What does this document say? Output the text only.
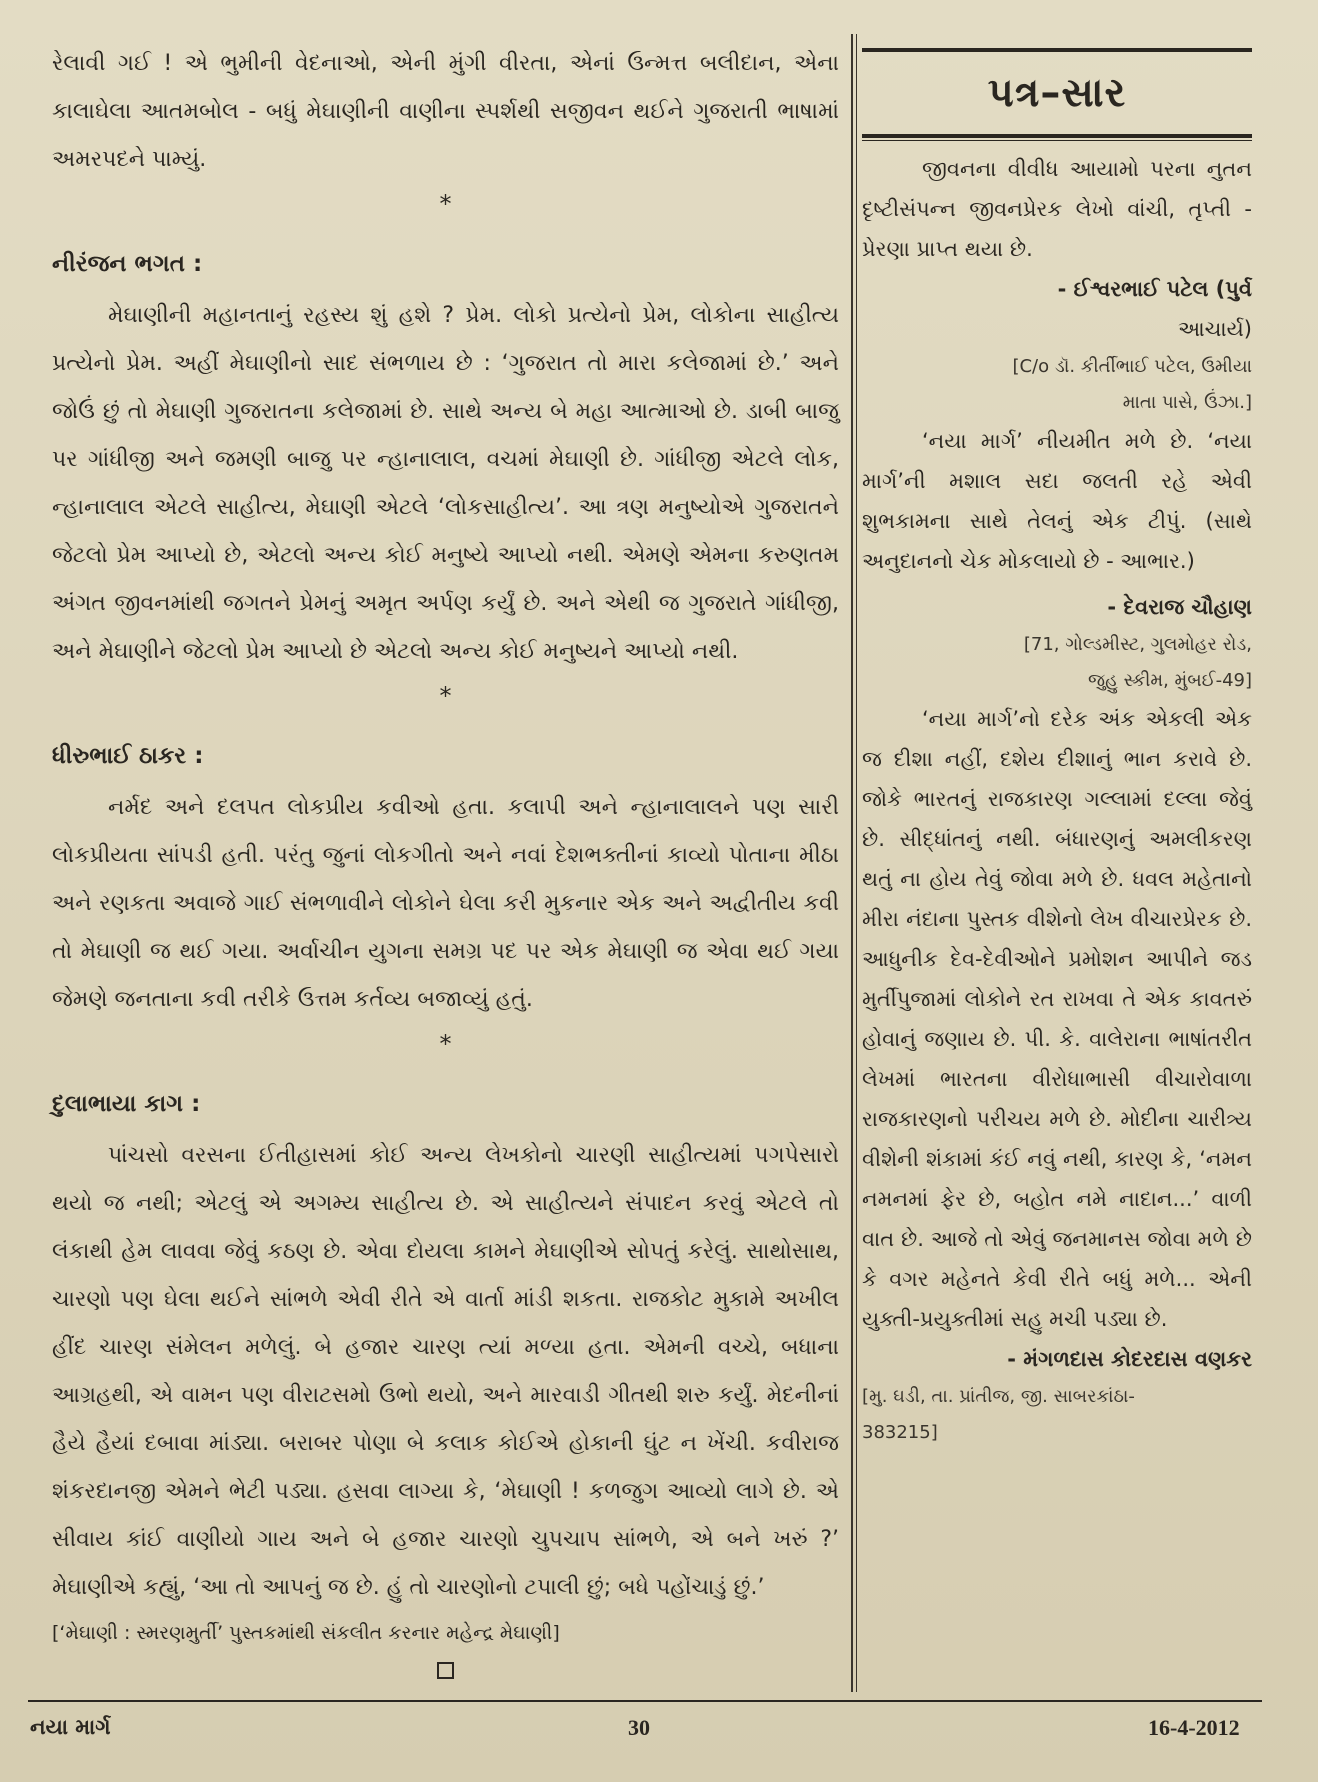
રેલાવી ગઈ ! એ ભુમીની વેદનાઓ, એની મુંગી વીરતા, એનાં ઉન્મત્ત બલીદાન, એના કાલાઘેલા આતમબોલ - બધું મેઘાણીની વાણીના સ્પર્શથી સજીવન થઈને ગુજરાતી ભાષામાં અમરપદને પામ્યું.

*

નીરંજન ભગત :

મેઘાણીની મહાનતાનું રહસ્ય શું હશે ? પ્રેમ. લોકો પ્રત્યેનો પ્રેમ, લોકોના સાહીત્ય પ્રત્યેનો પ્રેમ. અહીં મેઘાણીનો સાદ સંભળાય છે : ‘ગુજરાત તો મારા કલેજામાં છે.’ અને જોઉં છું તો મેઘાણી ગુજરાતના કલેજામાં છે. સાથે અન્ય બે મહા આત્માઓ છે. ડાબી બાજુ પર ગાંધીજી અને જમણી બાજુ પર ન્હાનાલાલ, વચમાં મેઘાણી છે. ગાંધીજી એટલે લોક, ન્હાનાલાલ એટલે સાહીત્ય, મેઘાણી એટલે ‘લોકસાહીત્ય’. આ ત્રણ મનુષ્યોએ ગુજરાતને જેટલો પ્રેમ આપ્યો છે, એટલો અન્ય કોઈ મનુષ્યે આપ્યો નથી. એમણે એમના કરુણતમ અંગત જીવનમાંથી જગતને પ્રેમનું અમૃત અર્પણ કર્યું છે. અને એથી જ ગુજરાતે ગાંધીજી, અને મેઘાણીને જેટલો પ્રેમ આપ્યો છે એટલો અન્ય કોઈ મનુષ્યને આપ્યો નથી.

*

ધીરુભાઈ ઠાકર :

નર્મદ અને દલપત લોકપ્રીય કવીઓ હતા. કલાપી અને ન્હાનાલાલને પણ સારી લોકપ્રીયતા સાંપડી હતી. પરંતુ જુનાં લોકગીતો અને નવાં દેશભક્તીનાં કાવ્યો પોતાના મીઠા અને રણકતા અવાજે ગાઈ સંભળાવીને લોકોને ઘેલા કરી મુકનાર એક અને અદ્વીતીય કવી તો મેઘાણી જ થઈ ગયા. અર્વાચીન યુગના સમગ્ર પદ પર એક મેઘાણી જ એવા થઈ ગયા જેમણે જનતાના કવી તરીકે ઉત્તમ કર્તવ્ય બજાવ્યું હતું.

*

દુલાભાયા કાગ :

પાંચસો વરસના ઈતીહાસમાં કોઈ અન્ય લેખકોનો ચારણી સાહીત્યમાં પગપેસારો થયો જ નથી; એટલું એ અગમ્ય સાહીત્ય છે. એ સાહીત્યને સંપાદન કરવું એટલે તો લંકાથી હેમ લાવવા જેવું કઠણ છે. એવા દોયલા કામને મેઘાણીએ સોપતું કરેલું. સાથોસાથ, ચારણો પણ ઘેલા થઈને સાંભળે એવી રીતે એ વાર્તા માંડી શકતા. રાજકોટ મુકામે અખીલ હીંદ ચારણ સંમેલન મળેલું. બે હજાર ચારણ ત્યાં મળ્યા હતા. એમની વચ્ચે, બધાના આગ્રહથી, એ વામન પણ વીરાટસમો ઉભો થયો, અને મારવાડી ગીતથી શરુ કર્યું. મેદનીનાં હૈયે હૈયાં દબાવા માંડ્યા. બરાબર પોણા બે કલાક કોઈએ હોકાની ઘુંટ ન ખેંચી. કવીરાજ શંકરદાનજી એમને ભેટી પડ્યા. હસવા લાગ્યા કે, ‘મેઘાણી ! કળજુગ આવ્યો લાગે છે. એ સીવાય કાંઈ વાણીયો ગાય અને બે હજાર ચારણો ચુપચાપ સાંભળે, એ બને ખરું ?’ મેઘાણીએ કહ્યું, ‘આ તો આપનું જ છે. હું તો ચારણોનો ટપાલી છું; બધે પહોંચાડું છું.’

[‘મેઘાણી : સ્મરણમુર્તી’ પુસ્તકમાંથી સંકલીત કરનાર મહેન્દ્ર મેઘાણી]

પત્ર–સાર

જીવનના વીવીધ આયામો પરના નુતન દૃષ્ટીસંપન્ન જીવનપ્રેરક લેખો વાંચી, તૃપ્તી - પ્રેરણા પ્રાપ્ત થયા છે.

- ઈશ્વરભાઈ પટેલ (પુર્વ

આચાર્ય)

[C/o ડૉ. કીર્તીભાઈ પટેલ, ઉમીયા

માતા પાસે, ઉંઝા.]

‘નયા માર્ગ’ નીયમીત મળે છે. ‘નયા માર્ગ’ની મશાલ સદા જલતી રહે એવી શુભકામના સાથે તેલનું એક ટીપું. (સાથે અનુદાનનો ચેક મોકલાયો છે - આભાર.)

- દેવરાજ ચૌહાણ

[71, ગોલ્ડમીસ્ટ, ગુલમોહર રોડ,

જુહુ સ્કીમ, મુંબઈ-49]

‘નયા માર્ગ’નો દરેક અંક એકલી એક જ દીશા નહીં, દશેય દીશાનું ભાન કરાવે છે. જોકે ભારતનું રાજકારણ ગલ્લામાં દલ્લા જેવું છે. સીદ્ધાંતનું નથી. બંધારણનું અમલીકરણ થતું ના હોય તેવું જોવા મળે છે. ધવલ મહેતાનો મીરા નંદાના પુસ્તક વીશેનો લેખ વીચારપ્રેરક છે. આધુનીક દેવ-દેવીઓને પ્રમોશન આપીને જડ મુર્તીપુજામાં લોકોને રત રાખવા તે એક કાવતરું હોવાનું જણાય છે. પી. કે. વાલેરાના ભાષાંતરીત લેખમાં ભારતના વીરોધાભાસી વીચારોવાળા રાજકારણનો પરીચય મળે છે. મોદીના ચારીત્ર્ય વીશેની શંકામાં કંઈ નવું નથી, કારણ કે, ‘નમન નમનમાં ફેર છે, બહોત નમે નાદાન...’ વાળી વાત છે. આજે તો એવું જનમાનસ જોવા મળે છે કે વગર મહેનતે કેવી રીતે બધું મળે... એની યુક્તી-પ્રયુક્તીમાં સહુ મચી પડ્યા છે.

- મંગળદાસ કોદરદાસ વણકર

[મુ. ઘડી, તા. પ્રાંતીજ, જી. સાબરકાંઠા-

383215]

નયા માર્ગ	30	16-4-2012
